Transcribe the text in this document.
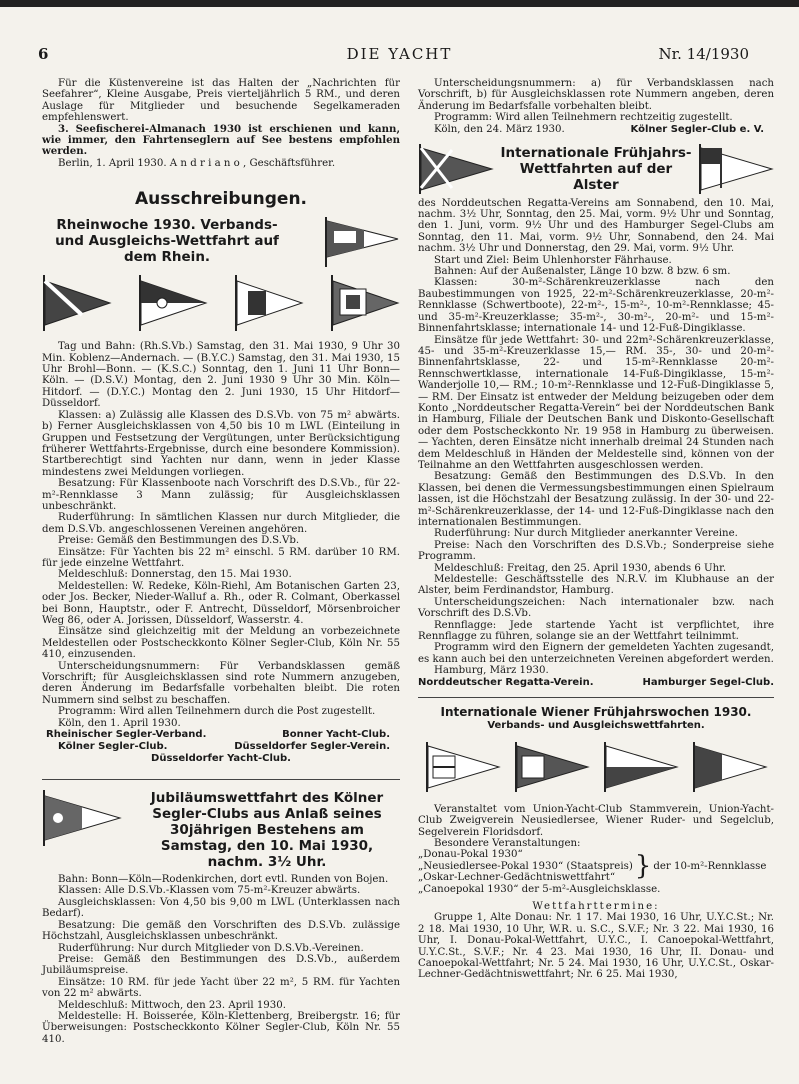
6	DIE YACHT	Nr. 14/1930

Für die Küstenvereine ist das Halten der „Nachrichten für Seefahrer“, Kleine Ausgabe, Preis vierteljährlich 5 RM., und deren Auslage für Mitglieder und besuchende Segelkameraden empfehlenswert.

3. Seefischerei-Almanach 1930 ist erschienen und kann, wie immer, den Fahrtenseglern auf See bestens empfohlen werden.

Berlin, 1. April 1930. A n d r i a n o , Geschäftsführer.

Ausschreibungen.
Rheinwoche 1930. Verbands- und Ausgleichs-Wettfahrt auf dem Rhein.

Tag und Bahn: (Rh.S.Vb.) Samstag, den 31. Mai 1930, 9 Uhr 30 Min. Koblenz—Andernach. — (B.Y.C.) Samstag, den 31. Mai 1930, 15 Uhr Brohl—Bonn. — (K.S.C.) Sonntag, den 1. Juni 11 Uhr Bonn—Köln. — (D.S.V.) Montag, den 2. Juni 1930 9 Uhr 30 Min. Köln—Hitdorf. — (D.Y.C.) Montag den 2. Juni 1930, 15 Uhr Hitdorf—Düsseldorf.

Klassen: a) Zulässig alle Klassen des D.S.Vb. von 75 m² abwärts. b) Ferner Ausgleichsklassen von 4,50 bis 10 m LWL (Einteilung in Gruppen und Festsetzung der Vergütungen, unter Berücksichtigung früherer Wettfahrts-Ergebnisse, durch eine besondere Kommission). Startberechtigt sind Yachten nur dann, wenn in jeder Klasse mindestens zwei Meldungen vorliegen.

Besatzung: Für Klassenboote nach Vorschrift des D.S.Vb., für 22-m²-Rennklasse 3 Mann zulässig; für Ausgleichsklassen unbeschränkt.

Ruderführung: In sämtlichen Klassen nur durch Mitglieder, die dem D.S.Vb. angeschlossenen Vereinen angehören.

Preise: Gemäß den Bestimmungen des D.S.Vb.

Einsätze: Für Yachten bis 22 m² einschl. 5 RM. darüber 10 RM. für jede einzelne Wettfahrt.

Meldeschluß: Donnerstag, den 15. Mai 1930.

Meldestellen: W. Redeke, Köln-Riehl, Am Botanischen Garten 23, oder Jos. Becker, Nieder-Walluf a. Rh., oder R. Colmant, Oberkassel bei Bonn, Hauptstr., oder F. Antrecht, Düsseldorf, Mörsenbroicher Weg 86, oder A. Jorissen, Düsseldorf, Wasserstr. 4.

Einsätze sind gleichzeitig mit der Meldung an vorbezeichnete Meldestellen oder Postscheckkonto Kölner Segler-Club, Köln Nr. 55 410, einzusenden.

Unterscheidungsnummern: Für Verbandsklassen gemäß Vorschrift; für Ausgleichsklassen sind rote Nummern anzugeben, deren Änderung im Bedarfsfalle vorbehalten bleibt. Die roten Nummern sind selbst zu beschaffen.

Programm: Wird allen Teilnehmern durch die Post zugestellt.

Köln, den 1. April 1930.

Rheinischer Segler-Verband.	Bonner Yacht-Club.
Kölner Segler-Club.	Düsseldorfer Segler-Verein.
Düsseldorfer Yacht-Club.
Jubiläumswettfahrt des Kölner Segler-Clubs aus Anlaß seines 30jährigen Bestehens am Samstag, den 10. Mai 1930, nachm. 3½ Uhr.

Bahn: Bonn—Köln—Rodenkirchen, dort evtl. Runden von Bojen.

Klassen: Alle D.S.Vb.-Klassen vom 75-m²-Kreuzer abwärts.

Ausgleichsklassen: Von 4,50 bis 9,00 m LWL (Unterklassen nach Bedarf).

Besatzung: Die gemäß den Vorschriften des D.S.Vb. zulässige Höchstzahl, Ausgleichsklassen unbeschränkt.

Ruderführung: Nur durch Mitglieder von D.S.Vb.-Vereinen.

Preise: Gemäß den Bestimmungen des D.S.Vb., außerdem Jubiläumspreise.

Einsätze: 10 RM. für jede Yacht über 22 m², 5 RM. für Yachten von 22 m² abwärts.

Meldeschluß: Mittwoch, den 23. April 1930.

Meldestelle: H. Boisserée, Köln-Klettenberg, Breibergstr. 16; für Überweisungen: Postscheckkonto Kölner Segler-Club, Köln Nr. 55 410.

Unterscheidungsnummern: a) für Verbandsklassen nach Vorschrift, b) für Ausgleichsklassen rote Nummern angeben, deren Änderung im Bedarfsfalle vorbehalten bleibt.

Programm: Wird allen Teilnehmern rechtzeitig zugestellt.

Köln, den 24. März 1930.	Kölner Segler-Club e. V.
Internationale Frühjahrs-Wettfahrten auf der Alster

des Norddeutschen Regatta-Vereins am Sonnabend, den 10. Mai, nachm. 3½ Uhr, Sonntag, den 25. Mai, vorm. 9½ Uhr und Sonntag, den 1. Juni, vorm. 9½ Uhr und des Hamburger Segel-Clubs am Sonntag, den 11. Mai, vorm. 9½ Uhr, Sonnabend, den 24. Mai nachm. 3½ Uhr und Donnerstag, den 29. Mai, vorm. 9½ Uhr.

Start und Ziel: Beim Uhlenhorster Fährhause.

Bahnen: Auf der Außenalster, Länge 10 bzw. 8 bzw. 6 sm.

Klassen: 30-m²-Schärenkreuzerklasse nach den Baubestimmungen von 1925, 22-m²-Schärenkreuzerklasse, 20-m²-Rennklasse (Schwertboote), 22-m²-, 15-m²-, 10-m²-Rennklasse; 45- und 35-m²-Kreuzerklasse; 35-m²-, 30-m²-, 20-m²- und 15-m²-Binnenfahrtsklasse; internationale 14- und 12-Fuß-Dingiklasse.

Einsätze für jede Wettfahrt: 30- und 22m²-Schärenkreuzerklasse, 45- und 35-m²-Kreuzerklasse 15,— RM. 35-, 30- und 20-m²-Binnenfahrtsklasse, 22- und 15-m²-Rennklasse 20-m²-Rennschwertklasse, internationale 14-Fuß-Dingiklasse, 15-m²-Wanderjolle 10,— RM.; 10-m²-Rennklasse und 12-Fuß-Dingiklasse 5,— RM. Der Einsatz ist entweder der Meldung beizugeben oder dem Konto „Norddeutscher Regatta-Verein“ bei der Norddeutschen Bank in Hamburg, Filiale der Deutschen Bank und Diskonto-Gesellschaft oder dem Postscheckkonto Nr. 19 958 in Hamburg zu überweisen. — Yachten, deren Einsätze nicht innerhalb dreimal 24 Stunden nach dem Meldeschluß in Händen der Meldestelle sind, können von der Teilnahme an den Wettfahrten ausgeschlossen werden.

Besatzung: Gemäß den Bestimmungen des D.S.Vb. In den Klassen, bei denen die Vermessungsbestimmungen einen Spielraum lassen, ist die Höchstzahl der Besatzung zulässig. In der 30- und 22-m²-Schärenkreuzerklasse, der 14- und 12-Fuß-Dingiklasse nach den internationalen Bestimmungen.

Ruderführung: Nur durch Mitglieder anerkannter Vereine.

Preise: Nach den Vorschriften des D.S.Vb.; Sonderpreise siehe Programm.

Meldeschluß: Freitag, den 25. April 1930, abends 6 Uhr.

Meldestelle: Geschäftsstelle des N.R.V. im Klubhause an der Alster, beim Ferdinandstor, Hamburg.

Unterscheidungszeichen: Nach internationaler bzw. nach Vorschrift des D.S.Vb.

Rennflagge: Jede startende Yacht ist verpflichtet, ihre Rennflagge zu führen, solange sie an der Wettfahrt teilnimmt.

Programm wird den Eignern der gemeldeten Yachten zugesandt, es kann auch bei den unterzeichneten Vereinen abgefordert werden.

Hamburg, März 1930.

Norddeutscher Regatta-Verein.	Hamburger Segel-Club.
Internationale Wiener Frühjahrswochen 1930.
Verbands- und Ausgleichswettfahrten.

Veranstaltet vom Union-Yacht-Club Stammverein, Union-Yacht-Club Zweigverein Neusiedlersee, Wiener Ruder- und Segelclub, Segelverein Floridsdorf.

Besondere Veranstaltungen:

„Donau-Pokal 1930“
„Neusiedlersee-Pokal 1930“ (Staatspreis)
„Oskar-Lechner-Gedächtniswettfahrt“ } der 10-m²-Rennklasse
„Canoepokal 1930“ der 5-m²-Ausgleichsklasse.
Wettfahrttermine:

Gruppe 1, Alte Donau: Nr. 1 17. Mai 1930, 16 Uhr, U.Y.C.St.; Nr. 2 18. Mai 1930, 10 Uhr, W.R. u. S.C., S.V.F.; Nr. 3 22. Mai 1930, 16 Uhr, I. Donau-Pokal-Wettfahrt, U.Y.C., I. Canoepokal-Wettfahrt, U.Y.C.St., S.V.F.; Nr. 4 23. Mai 1930, 16 Uhr, II. Donau- und Canoepokal-Wettfahrt; Nr. 5 24. Mai 1930, 16 Uhr, U.Y.C.St., Oskar-Lechner-Gedächtniswettfahrt; Nr. 6 25. Mai 1930,
